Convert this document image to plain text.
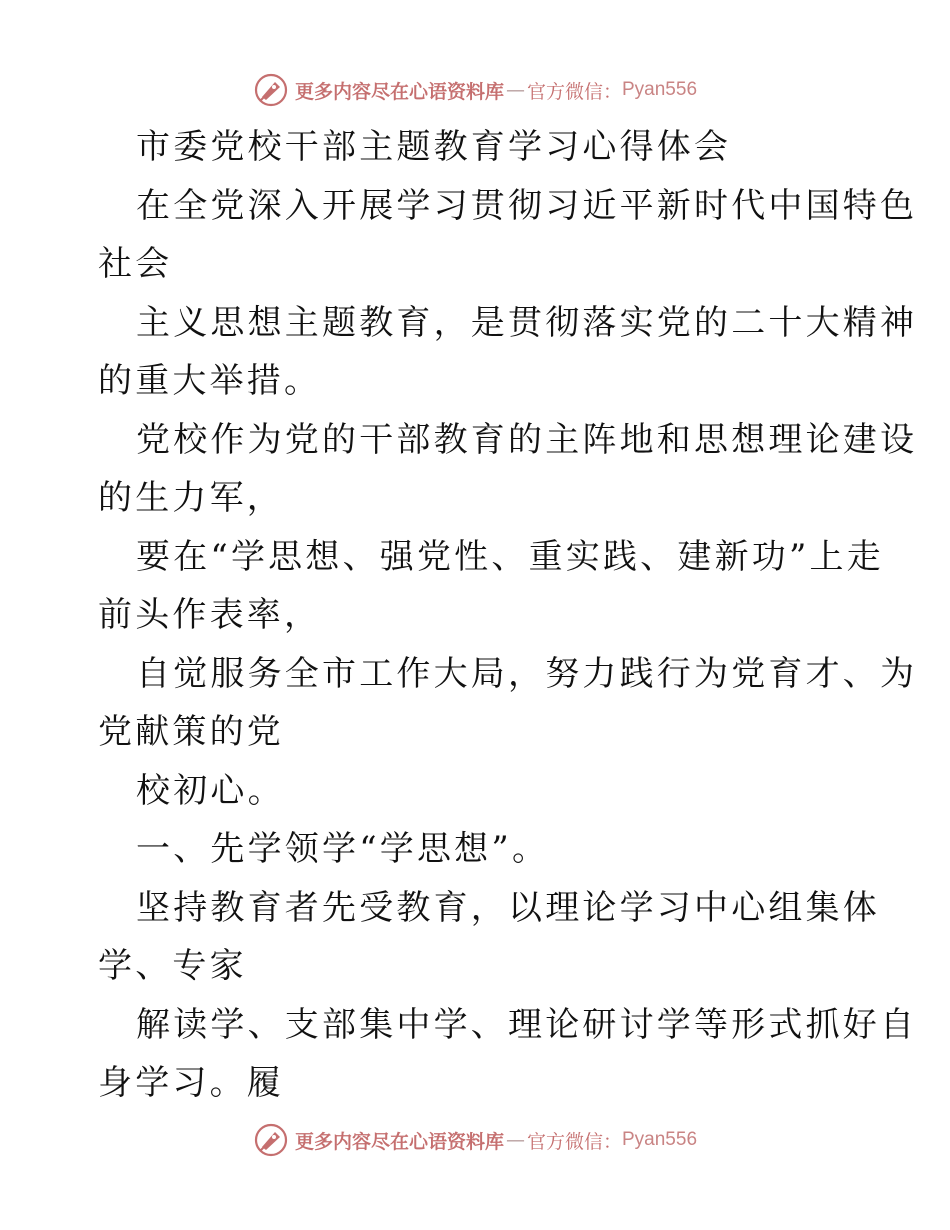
更多内容尽在心语资料库 — 官方微信： Pyan556
市委党校干部主题教育学习心得体会
在全党深入开展学习贯彻习近平新时代中国特色
社会
主义思想主题教育，是贯彻落实党的二十大精神
的重大举措。
党校作为党的干部教育的主阵地和思想理论建设
的生力军，
要在“学思想、强党性、重实践、建新功”上走
前头作表率，
自觉服务全市工作大局，努力践行为党育才、为
党献策的党
校初心。
一、先学领学“学思想”。
坚持教育者先受教育，以理论学习中心组集体
学、专家
解读学、支部集中学、理论研讨学等形式抓好自
身学习。履
更多内容尽在心语资料库 — 官方微信： Pyan556
